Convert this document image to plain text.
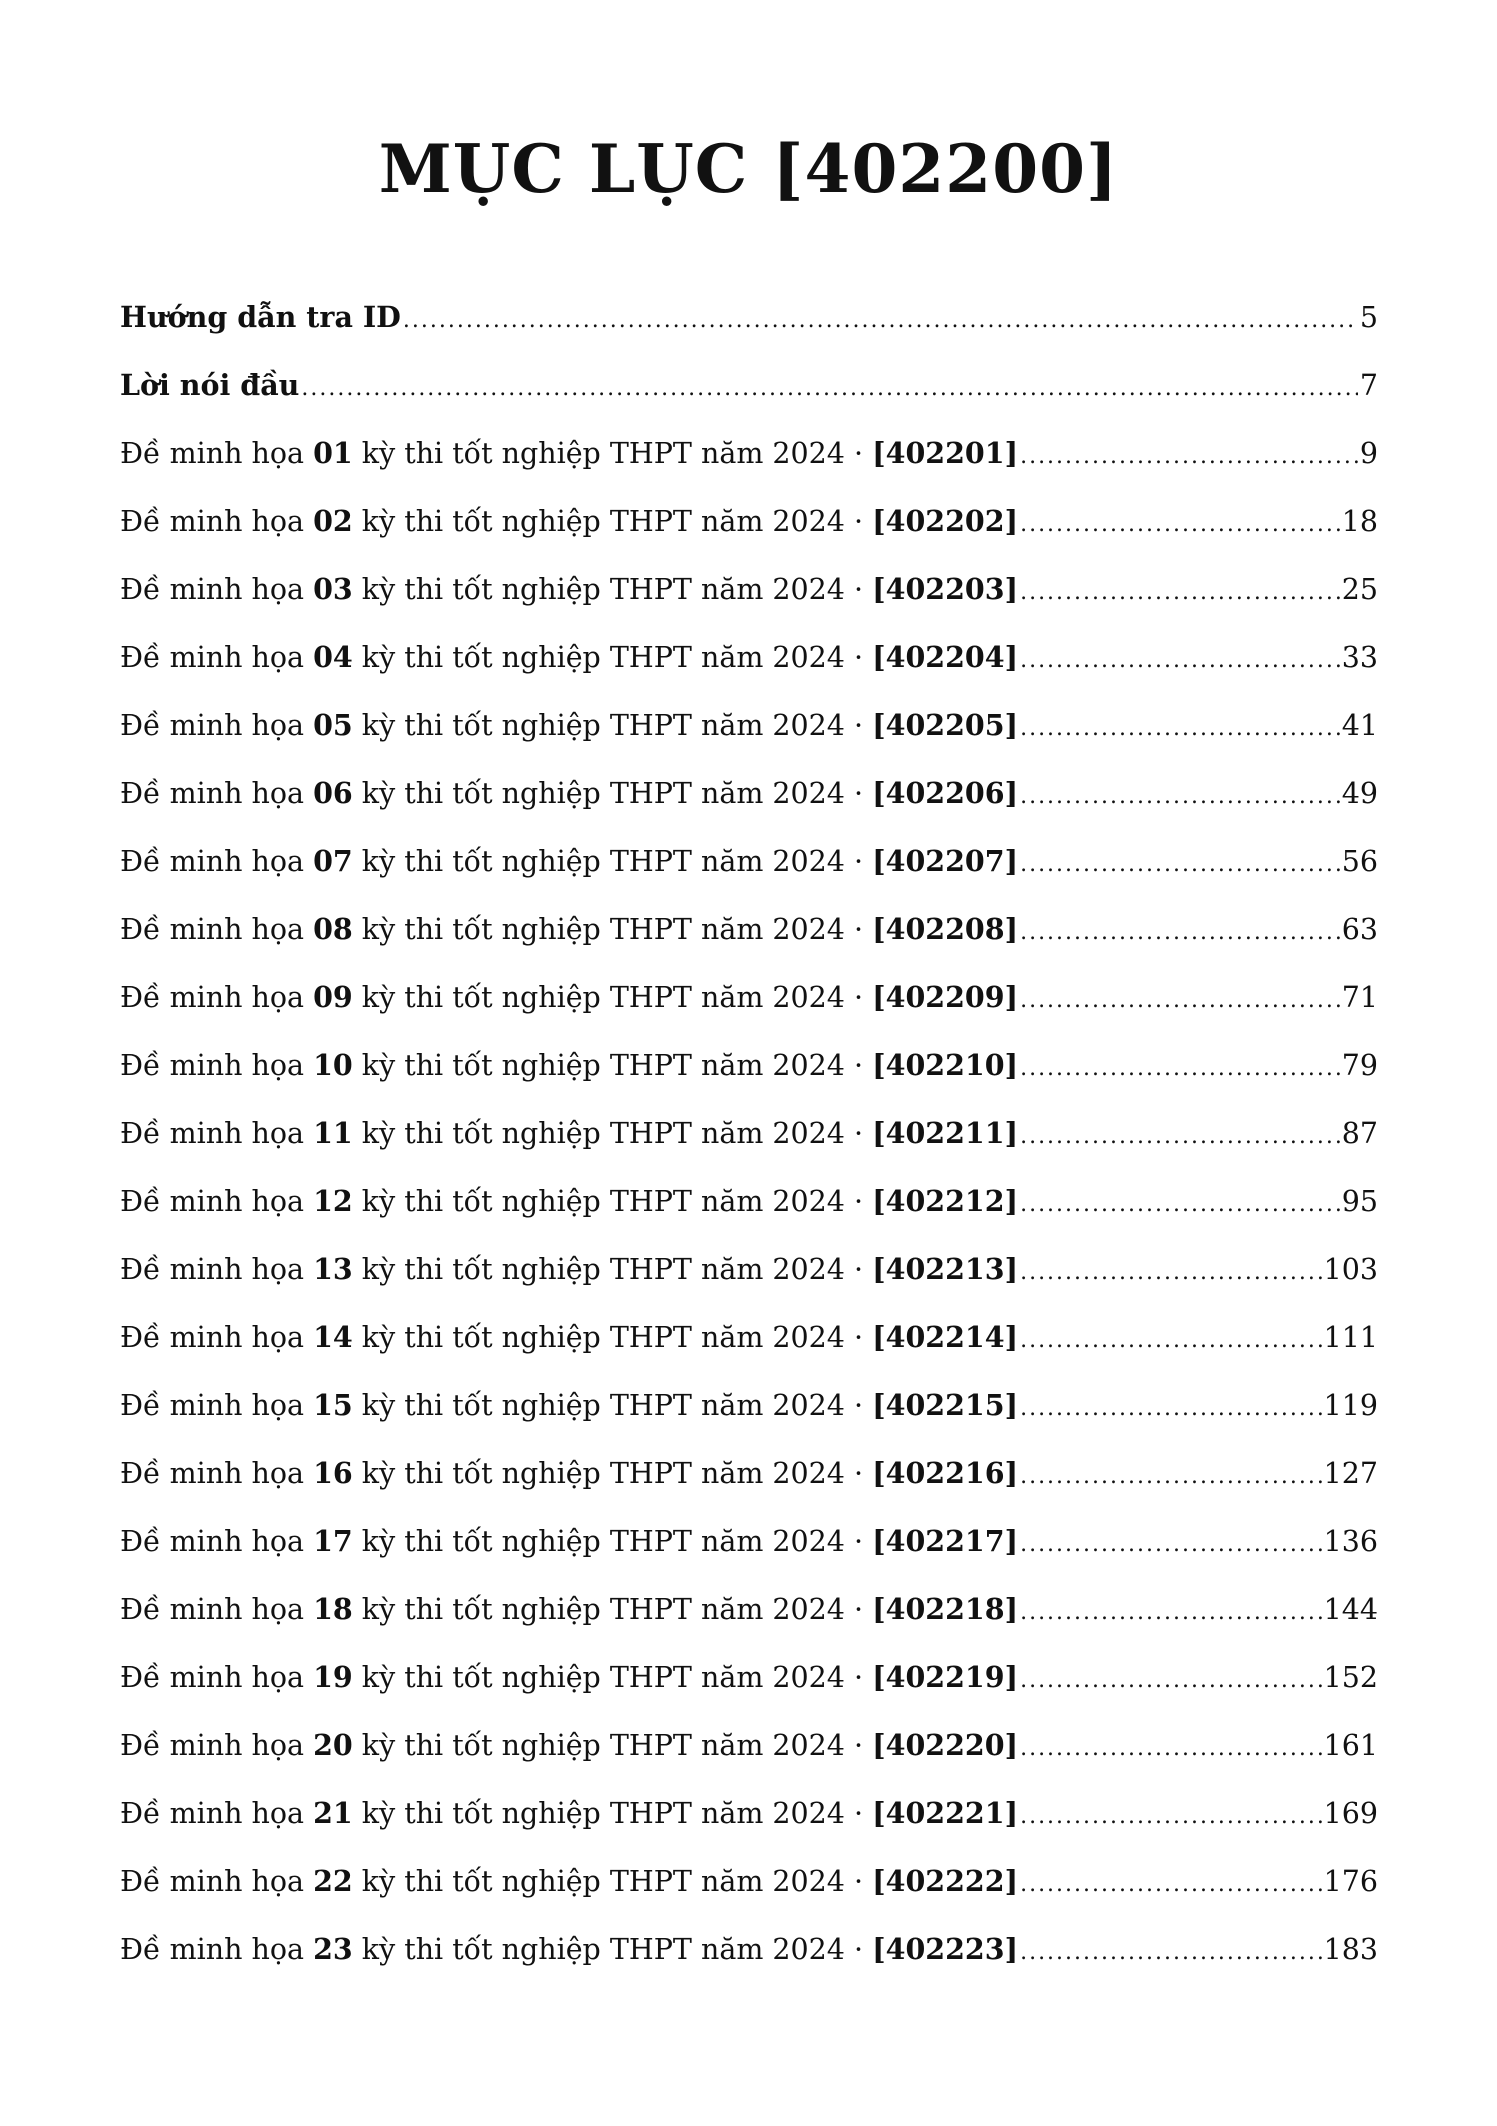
MỤC LỤC [402200]
Hướng dẫn tra ID .....	5
Lời nói đầu .....	7
Đề minh họa 01 kỳ thi tốt nghiệp THPT năm 2024 · [402201] .....	9
Đề minh họa 02 kỳ thi tốt nghiệp THPT năm 2024 · [402202] .....	18
Đề minh họa 03 kỳ thi tốt nghiệp THPT năm 2024 · [402203] .....	25
Đề minh họa 04 kỳ thi tốt nghiệp THPT năm 2024 · [402204] .....	33
Đề minh họa 05 kỳ thi tốt nghiệp THPT năm 2024 · [402205] .....	41
Đề minh họa 06 kỳ thi tốt nghiệp THPT năm 2024 · [402206] .....	49
Đề minh họa 07 kỳ thi tốt nghiệp THPT năm 2024 · [402207] .....	56
Đề minh họa 08 kỳ thi tốt nghiệp THPT năm 2024 · [402208] .....	63
Đề minh họa 09 kỳ thi tốt nghiệp THPT năm 2024 · [402209] .....	71
Đề minh họa 10 kỳ thi tốt nghiệp THPT năm 2024 · [402210] .....	79
Đề minh họa 11 kỳ thi tốt nghiệp THPT năm 2024 · [402211] .....	87
Đề minh họa 12 kỳ thi tốt nghiệp THPT năm 2024 · [402212] .....	95
Đề minh họa 13 kỳ thi tốt nghiệp THPT năm 2024 · [402213] .....	103
Đề minh họa 14 kỳ thi tốt nghiệp THPT năm 2024 · [402214] .....	111
Đề minh họa 15 kỳ thi tốt nghiệp THPT năm 2024 · [402215] .....	119
Đề minh họa 16 kỳ thi tốt nghiệp THPT năm 2024 · [402216] .....	127
Đề minh họa 17 kỳ thi tốt nghiệp THPT năm 2024 · [402217] .....	136
Đề minh họa 18 kỳ thi tốt nghiệp THPT năm 2024 · [402218] .....	144
Đề minh họa 19 kỳ thi tốt nghiệp THPT năm 2024 · [402219] .....	152
Đề minh họa 20 kỳ thi tốt nghiệp THPT năm 2024 · [402220] .....	161
Đề minh họa 21 kỳ thi tốt nghiệp THPT năm 2024 · [402221] .....	169
Đề minh họa 22 kỳ thi tốt nghiệp THPT năm 2024 · [402222] .....	176
Đề minh họa 23 kỳ thi tốt nghiệp THPT năm 2024 · [402223] .....	183
